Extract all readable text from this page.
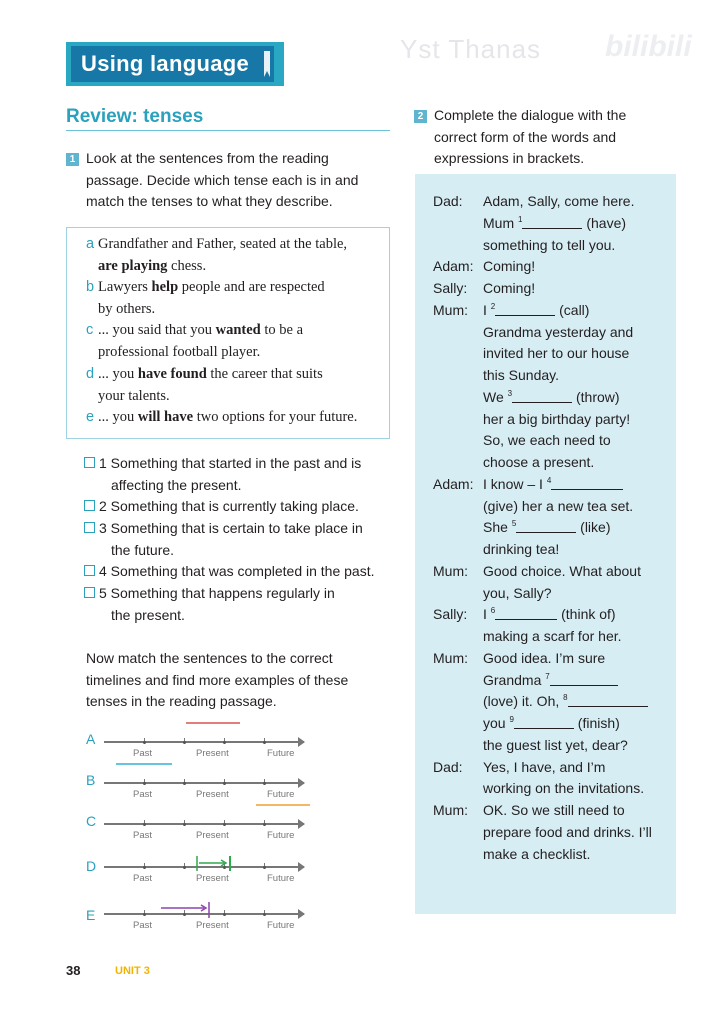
Using language	Yst Thanas bilibili
Review: tenses
1 Look at the sentences from the reading
passage. Decide which tense each is in and
match the tenses to what they describe.
a Grandfather and Father, seated at the table,
are playing chess.
b Lawyers help people and are respected
by others.
c ... you said that you wanted to be a
professional football player.
d ... you have found the career that suits
your talents.
e ... you will have two options for your future.
1 Something that started in the past and is
affecting the present.
2 Something that is currently taking place.
3 Something that is certain to take place in
the future.
4 Something that was completed in the past.
5 Something that happens regularly in
the present.
Now match the sentences to the correct
timelines and find more examples of these
tenses in the reading passage.
A
Past	Present	Future
B
Past	Present	Future
C
Past	Present	Future
D
Past	Present	Future
E
Past	Present	Future
38	UNIT 3
2 Complete the dialogue with the
correct form of the words and
expressions in brackets.
Dad: Adam, Sally, come here.
Mum $^1$	(have)
something to tell you.
Adam: Coming!
Sally: Coming!
Mum: I $^2$	(call)
Grandma yesterday and
invited her to our house
this Sunday.
We $^3$	(throw)
her a big birthday party!
So, we each need to
choose a present.
Adam: I know – I $^4$
(give) her a new tea set.
She $^5$	(like)
drinking tea!
Mum: Good choice. What about
you, Sally?
Sally: I $^6$	(think of)
making a scarf for her.
Mum: Good idea. I’m sure
Grandma $^7$
(love) it. Oh, $^8$
you $^9$	(finish)
the guest list yet, dear?
Dad: Yes, I have, and I’m
working on the invitations.
Mum: OK. So we still need to
prepare food and drinks. I’ll
make a checklist.
